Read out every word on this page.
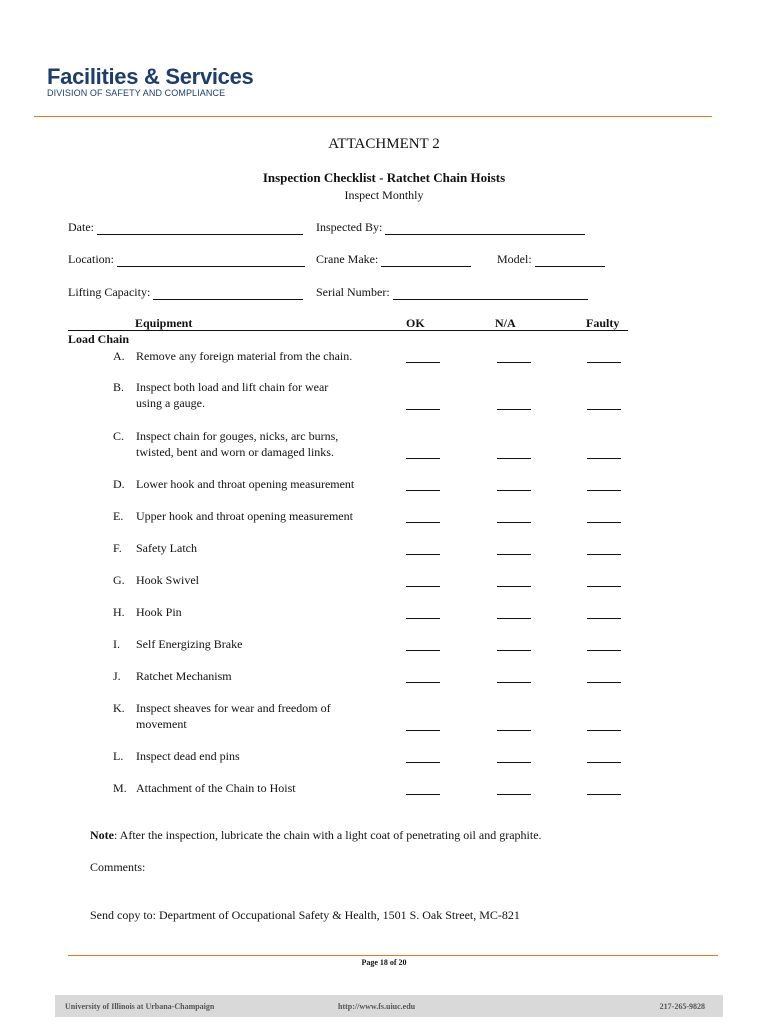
Facilities & Services
DIVISION OF SAFETY AND COMPLIANCE
ATTACHMENT 2
Inspection Checklist - Ratchet Chain Hoists
Inspect Monthly
Date:	Inspected By:
Location:	Crane Make:	Model:
Lifting Capacity:	Serial Number:
Equipment	OK	N/A	Faulty
Load Chain
A. Remove any foreign material from the chain.
B. Inspect both load and lift chain for wear
using a gauge.
C. Inspect chain for gouges, nicks, arc burns,
twisted, bent and worn or damaged links.
D. Lower hook and throat opening measurement
E. Upper hook and throat opening measurement
F. Safety Latch
G. Hook Swivel
H. Hook Pin
I. Self Energizing Brake
J. Ratchet Mechanism
K. Inspect sheaves for wear and freedom of
movement
L. Inspect dead end pins
M. Attachment of the Chain to Hoist
Note: After the inspection, lubricate the chain with a light coat of penetrating oil and graphite.
Comments:
Send copy to: Department of Occupational Safety & Health, 1501 S. Oak Street, MC-821
Page 18 of 20
University of Illinois at Urbana-Champaign	http://www.fs.uiuc.edu	217-265-9828
